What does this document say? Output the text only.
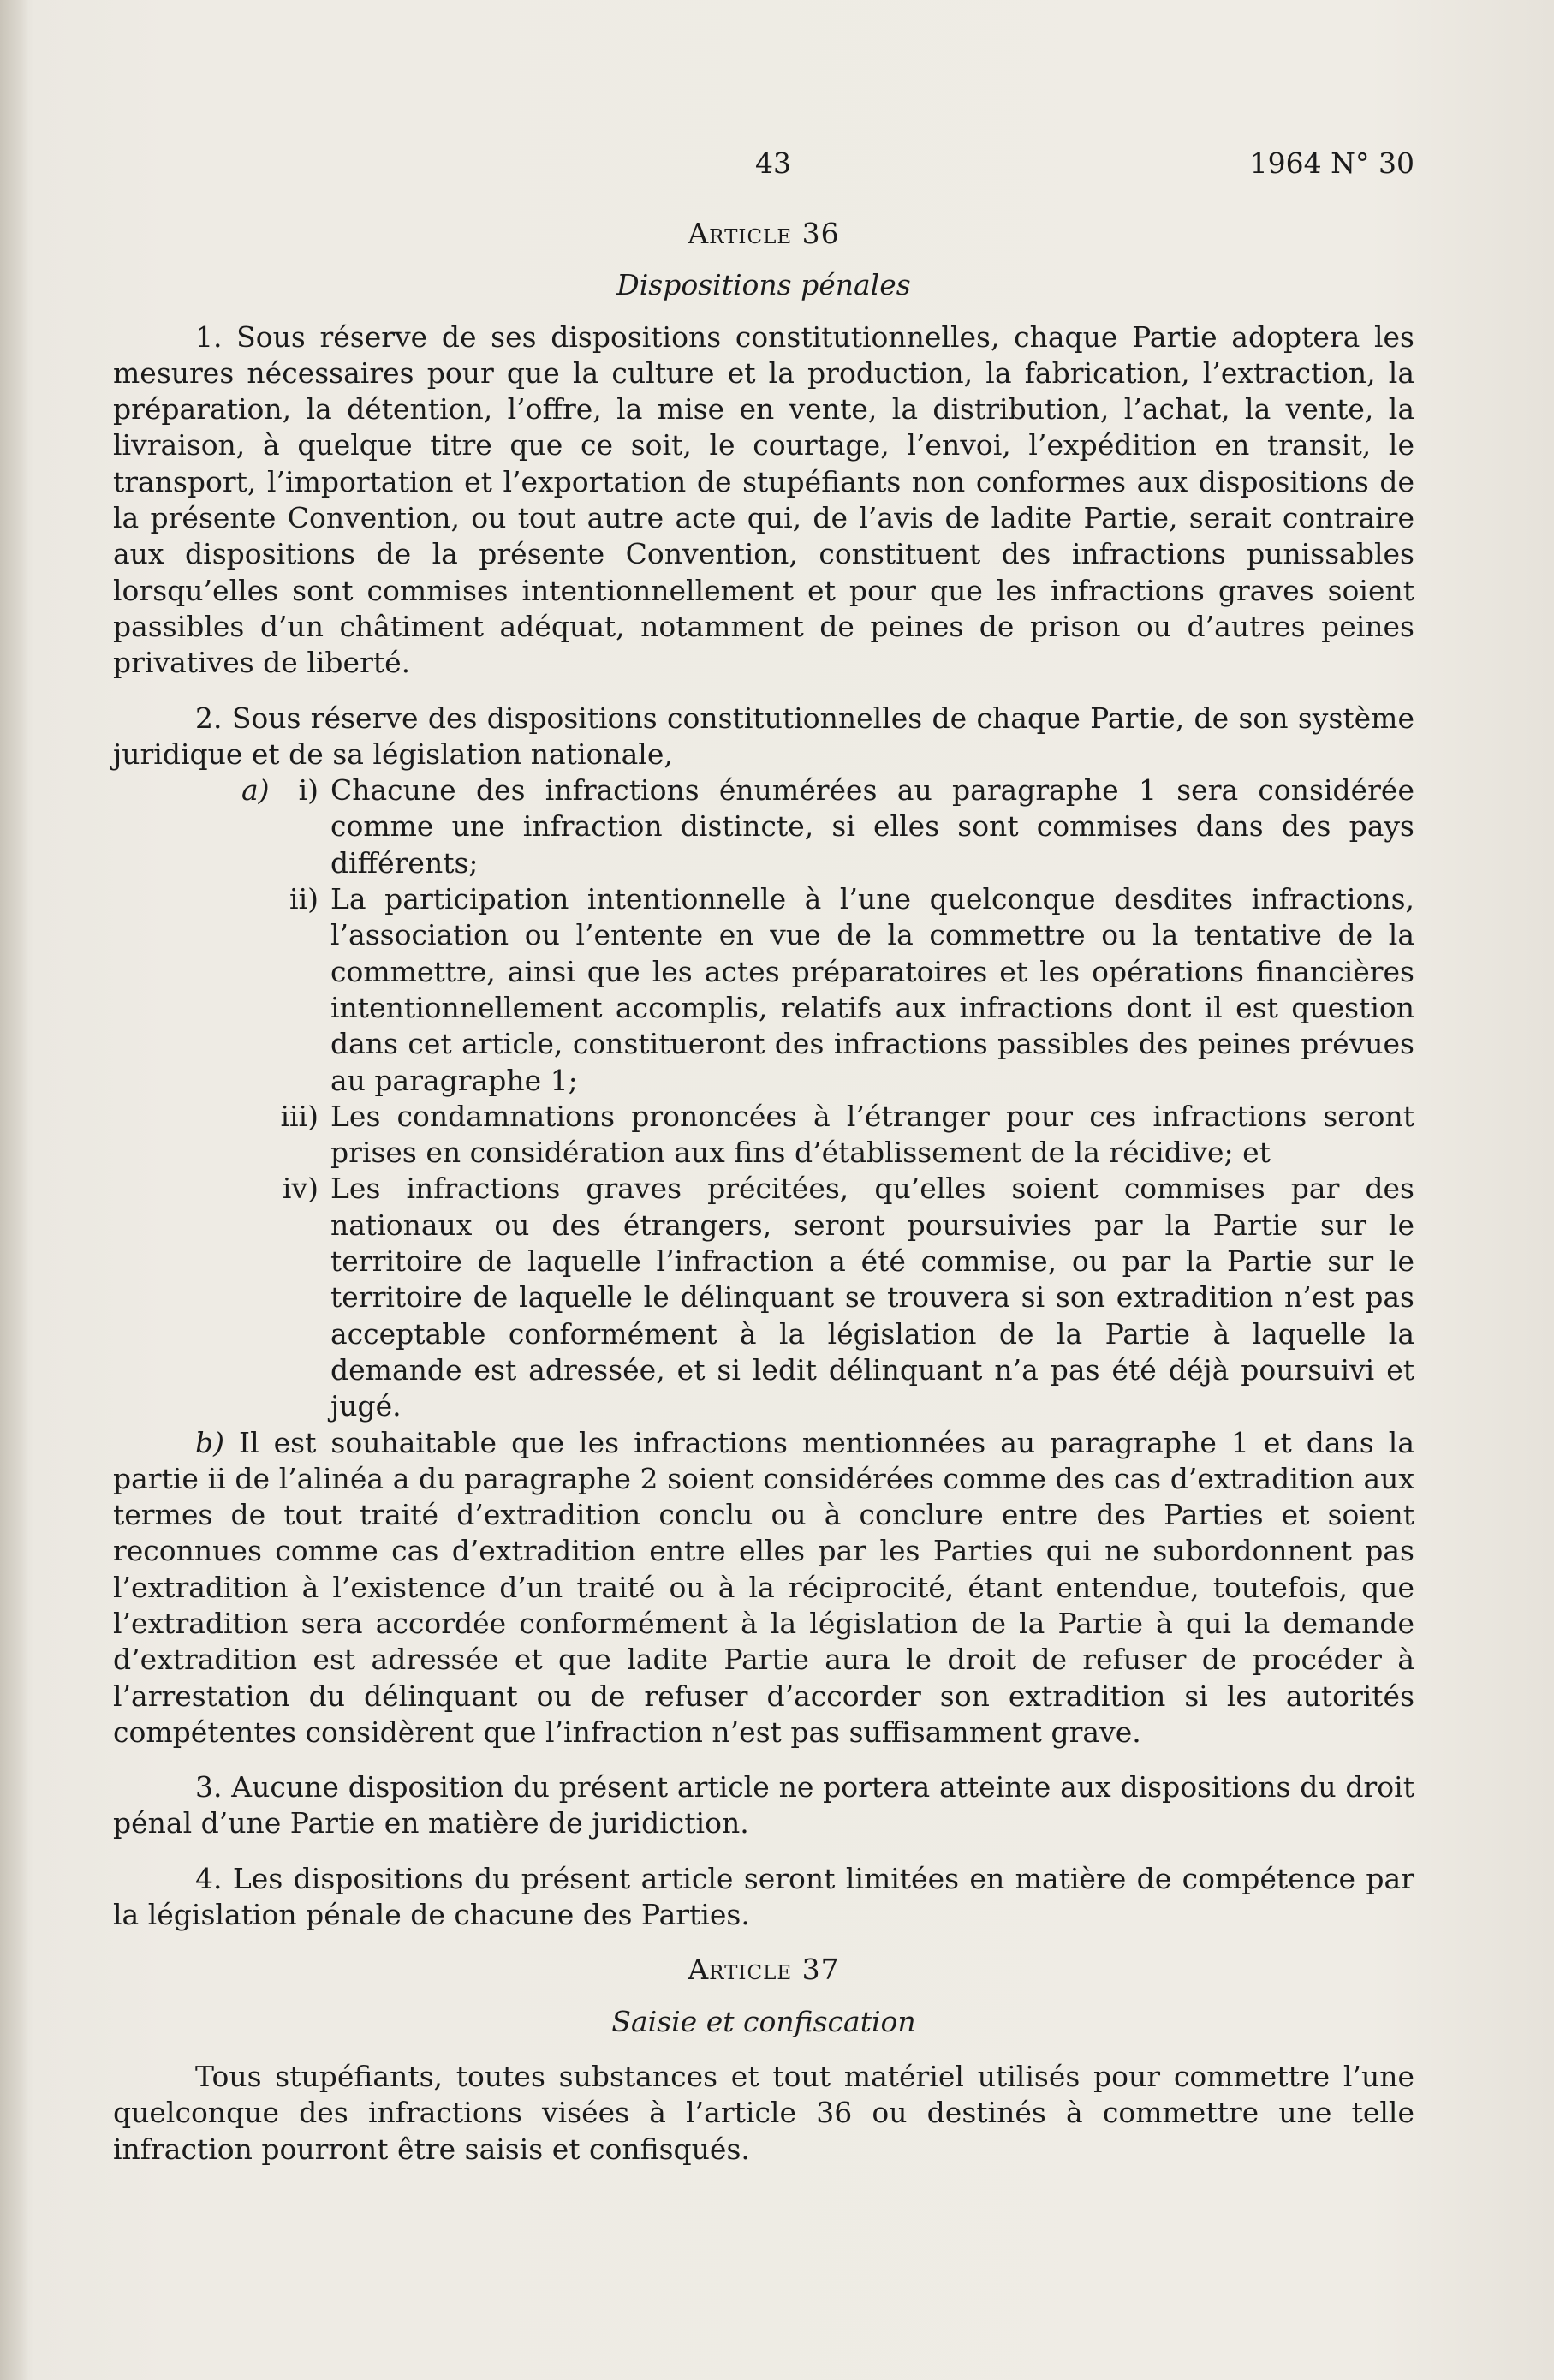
43	1964 N° 30
Article 36
Dispositions pénales

1. Sous réserve de ses dispositions constitutionnelles, chaque Partie adoptera les mesures nécessaires pour que la culture et la production, la fabrication, l’extraction, la préparation, la détention, l’offre, la mise en vente, la distribution, l’achat, la vente, la livraison, à quelque titre que ce soit, le courtage, l’envoi, l’expédition en transit, le transport, l’importation et l’exportation de stupéfiants non conformes aux dispositions de la présente Convention, ou tout autre acte qui, de l’avis de ladite Partie, serait contraire aux dispositions de la présente Convention, constituent des infractions punissables lorsqu’elles sont commises intentionnellement et pour que les infractions graves soient passibles d’un châtiment adéquat, notamment de peines de prison ou d’autres peines privatives de liberté.

2. Sous réserve des dispositions constitutionnelles de chaque Partie, de son système juridique et de sa législation nationale,

a) i) Chacune des infractions énumérées au paragraphe 1 sera considérée comme une infraction distincte, si elles sont commises dans des pays différents;
ii) La participation intentionnelle à l’une quelconque desdites infractions, l’association ou l’entente en vue de la commettre ou la tentative de la commettre, ainsi que les actes préparatoires et les opérations financières intentionnellement accomplis, relatifs aux infractions dont il est question dans cet article, constitueront des infractions passibles des peines prévues au paragraphe 1;
iii) Les condamnations prononcées à l’étranger pour ces infractions seront prises en considération aux fins d’établissement de la récidive; et
iv) Les infractions graves précitées, qu’elles soient commises par des nationaux ou des étrangers, seront poursuivies par la Partie sur le territoire de laquelle l’infraction a été commise, ou par la Partie sur le territoire de laquelle le délinquant se trouvera si son extradition n’est pas acceptable conformément à la législation de la Partie à laquelle la demande est adressée, et si ledit délinquant n’a pas été déjà poursuivi et jugé.

b) Il est souhaitable que les infractions mentionnées au paragraphe 1 et dans la partie ii de l’alinéa a du paragraphe 2 soient considérées comme des cas d’extradition aux termes de tout traité d’extradition conclu ou à conclure entre des Parties et soient reconnues comme cas d’extradition entre elles par les Parties qui ne subordonnent pas l’extradition à l’existence d’un traité ou à la réciprocité, étant entendue, toutefois, que l’extradition sera accordée conformément à la législation de la Partie à qui la demande d’extradition est adressée et que ladite Partie aura le droit de refuser de procéder à l’arrestation du délinquant ou de refuser d’accorder son extradition si les autorités compétentes considèrent que l’infraction n’est pas suffisamment grave.

3. Aucune disposition du présent article ne portera atteinte aux dispositions du droit pénal d’une Partie en matière de juridiction.

4. Les dispositions du présent article seront limitées en matière de compétence par la législation pénale de chacune des Parties.

Article 37
Saisie et confiscation

Tous stupéfiants, toutes substances et tout matériel utilisés pour commettre l’une quelconque des infractions visées à l’article 36 ou destinés à commettre une telle infraction pourront être saisis et confisqués.
